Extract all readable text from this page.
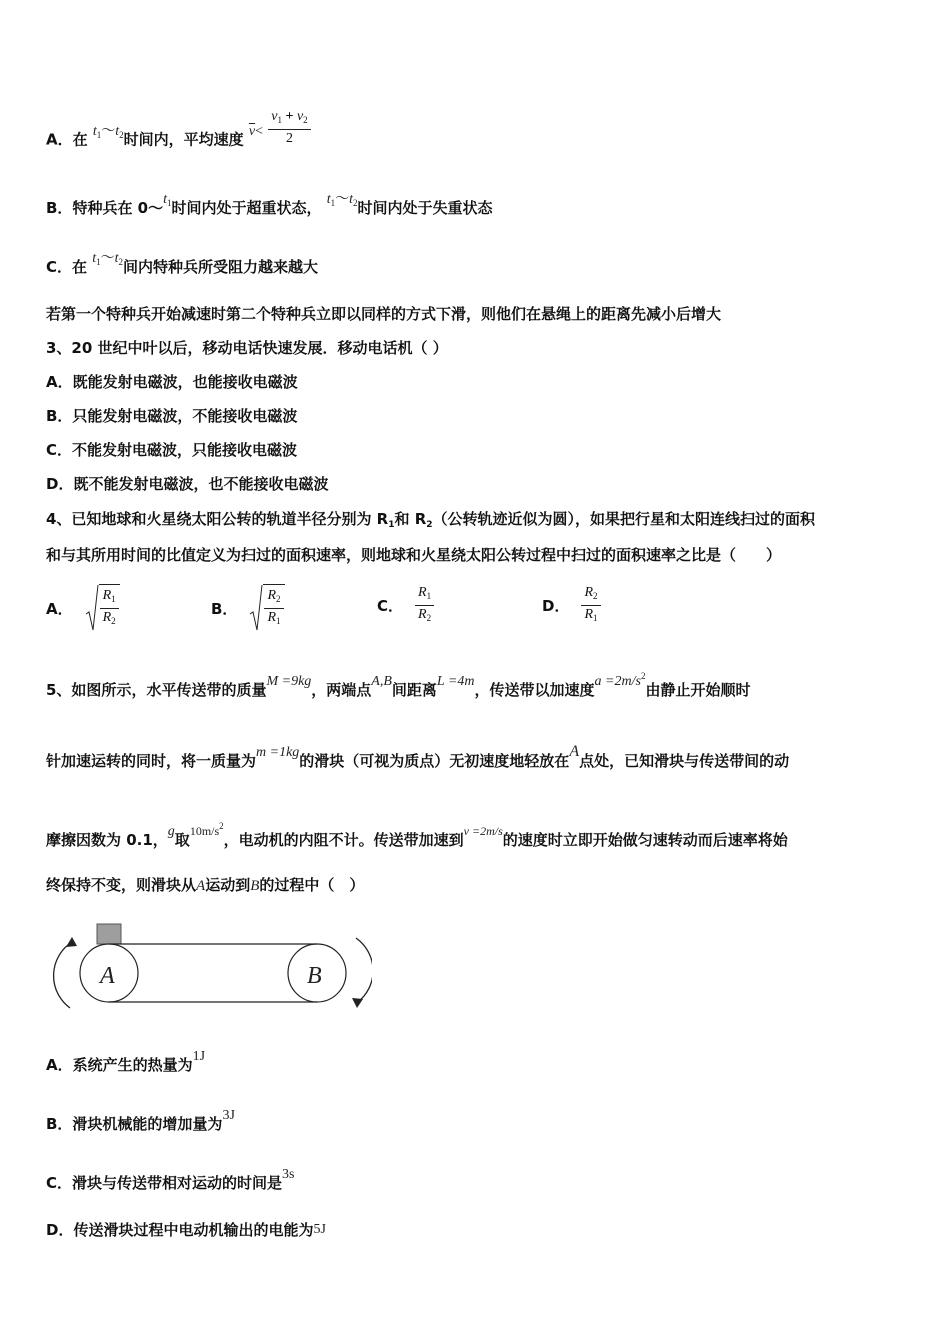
A．在 $t_1\sim t_2$时间内，平均速度 $\overline{v}< \frac{v_1 + v_2}{2}$
B．特种兵在 $0\sim t_1$时间内处于超重状态， $t_1\sim t_2$时间内处于失重状态
C．在 $t_1\sim t_2$间内特种兵所受阻力越来越大
若第一个特种兵开始减速时第二个特种兵立即以同样的方式下滑，则他们在悬绳上的距离先减小后增大
3、20 世纪中叶以后，移动电话快速发展．移动电话机（ ）
A．既能发射电磁波，也能接收电磁波
B．只能发射电磁波，不能接收电磁波
C．不能发射电磁波，只能接收电磁波
D．既不能发射电磁波，也不能接收电磁波
4、已知地球和火星绕太阳公转的轨道半径分别为 $R_1$和 $R_2$（公转轨迹近似为圆），如果把行星和太阳连线扫过的面积
和与其所用时间的比值定义为扫过的面积速率，则地球和火星绕太阳公转过程中扫过的面积速率之比是（　　）
A． $\frac{R_1}{R_2}$	B． $\frac{R_2}{R_1}$	C． $\frac{R_1}{R_2}$	D． $\frac{R_2}{R_1}$
5、如图所示，水平传送带的质量M =9kg，两端点A,B间距离L =4m，传送带以加速度$a =2m/s^2$由静止开始顺时
针加速运转的同时，将一质量为m =1kg的滑块（可视为质点）无初速度地轻放在A点处，已知滑块与传送带间的动
摩擦因数为 0.1，g取$^{10m/s^2}$，电动机的内阻不计。传送带加速到$^{v =2m/s}$的速度时立即开始做匀速转动而后速率将始
终保持不变，则滑块从A运动到B的过程中（　）
A	B
A．系统产生的热量为1J
B．滑块机械能的增加量为3J
C．滑块与传送带相对运动的时间是3s
D．传送滑块过程中电动机输出的电能为5J
